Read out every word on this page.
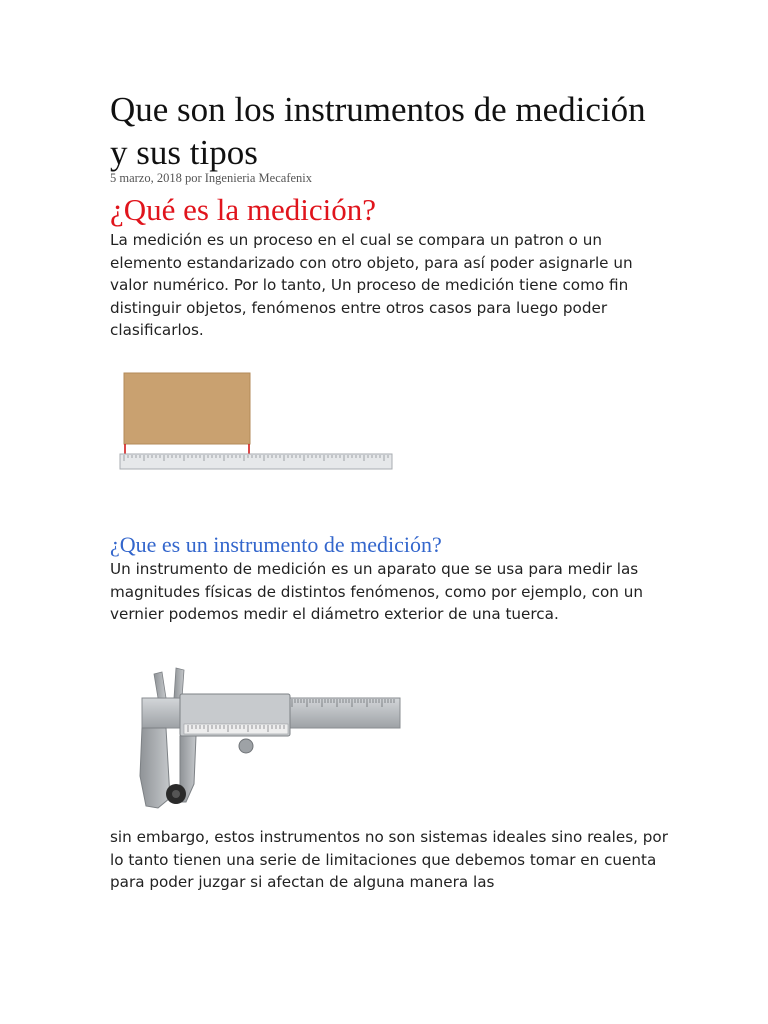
Que son los instrumentos de medición y sus tipos
5 marzo, 2018 por Ingenieria Mecafenix
¿Qué es la medición?

La medición es un proceso en el cual se compara un patron o un elemento estandarizado con otro objeto, para así poder asignarle un valor numérico. Por lo tanto, Un proceso de medición tiene como fin distinguir objetos, fenómenos entre otros casos para luego poder clasificarlos.

¿Que es un instrumento de medición?

Un instrumento de medición es un aparato que se usa para medir las magnitudes físicas de distintos fenómenos, como por ejemplo, con un vernier podemos medir el diámetro exterior de una tuerca.

sin embargo, estos instrumentos no son sistemas ideales sino reales, por lo tanto tienen una serie de limitaciones que debemos tomar en cuenta para poder juzgar si afectan de alguna manera las
